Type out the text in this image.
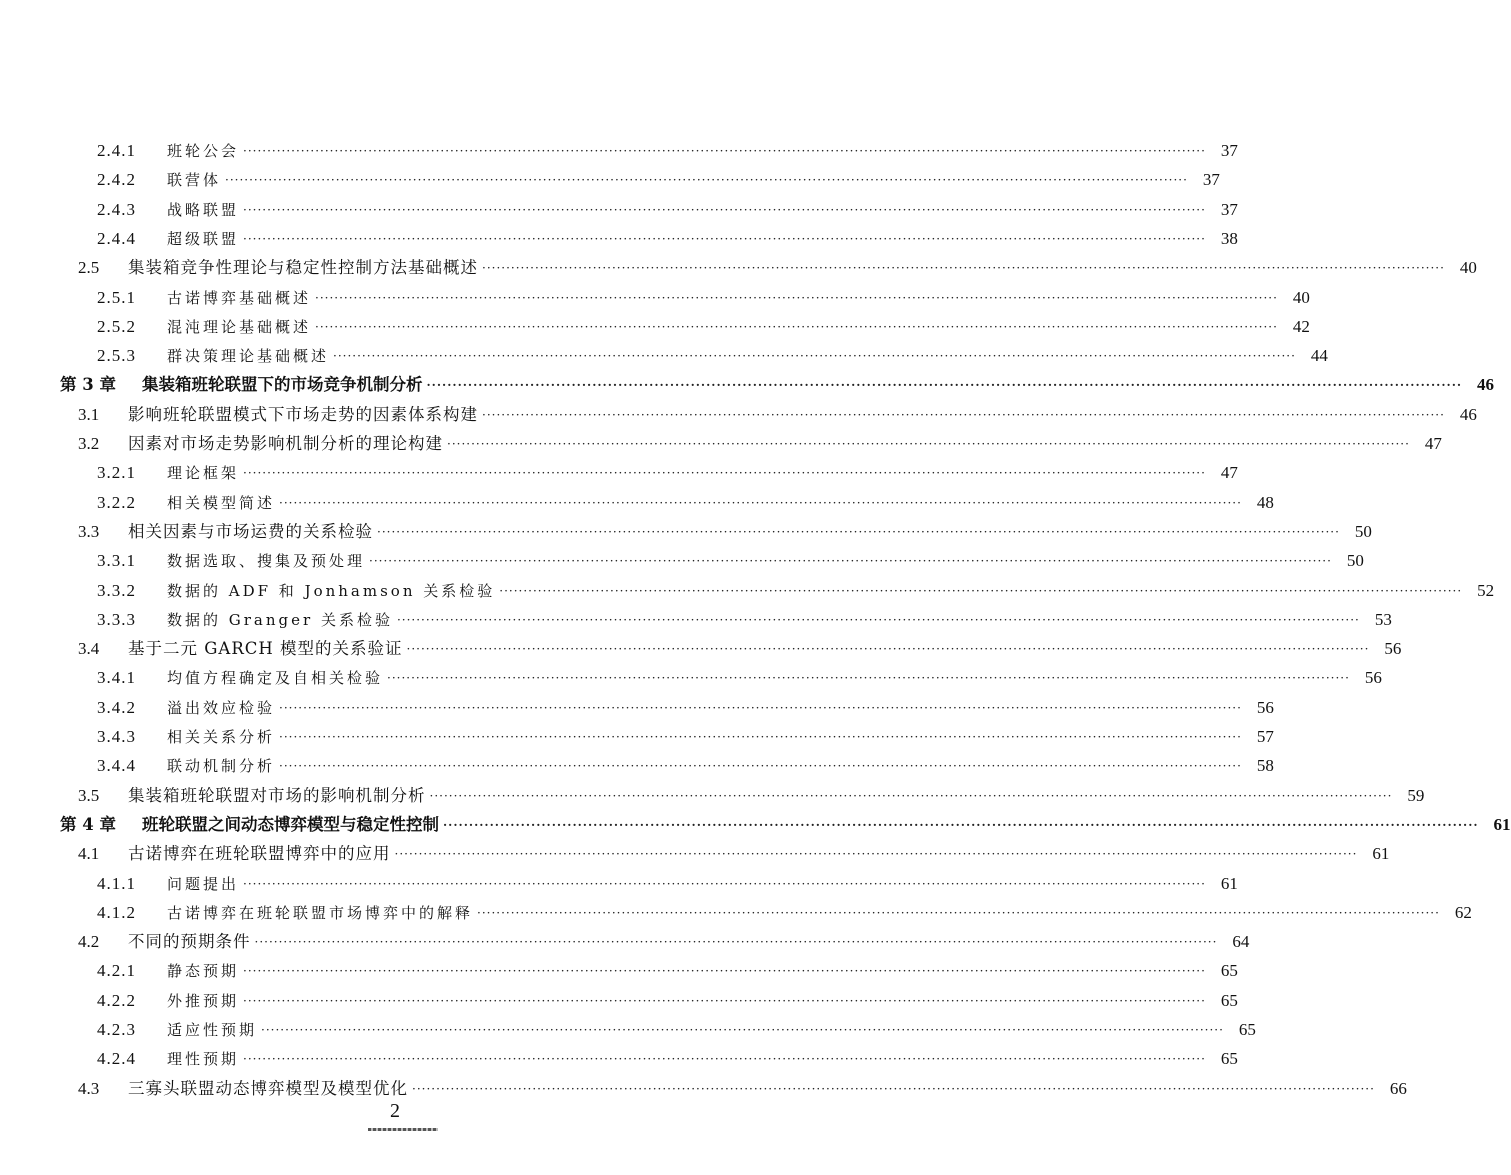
2.4.1	班轮公会 ········································································································································································································ 37
2.4.2	联营体 ········································································································································································································ 37
2.4.3	战略联盟 ········································································································································································································ 37
2.4.4	超级联盟 ········································································································································································································ 38
2.5	集装箱竞争性理论与稳定性控制方法基础概述 ········································································································································································································ 40
2.5.1	古诺博弈基础概述 ········································································································································································································ 40
2.5.2	混沌理论基础概述 ········································································································································································································ 42
2.5.3	群决策理论基础概述 ········································································································································································································ 44
第 3 章	集装箱班轮联盟下的市场竞争机制分析 ········································································································································································································ 46
3.1	影响班轮联盟模式下市场走势的因素体系构建 ········································································································································································································ 46
3.2	因素对市场走势影响机制分析的理论构建 ········································································································································································································ 47
3.2.1	理论框架 ········································································································································································································ 47
3.2.2	相关模型简述 ········································································································································································································ 48
3.3	相关因素与市场运费的关系检验 ········································································································································································································ 50
3.3.1	数据选取、搜集及预处理 ········································································································································································································ 50
3.3.2	数据的 ADF 和 Jonhamson 关系检验 ········································································································································································································ 52
3.3.3	数据的 Granger 关系检验 ········································································································································································································ 53
3.4	基于二元 GARCH 模型的关系验证 ········································································································································································································ 56
3.4.1	均值方程确定及自相关检验 ········································································································································································································ 56
3.4.2	溢出效应检验 ········································································································································································································ 56
3.4.3	相关关系分析 ········································································································································································································ 57
3.4.4	联动机制分析 ········································································································································································································ 58
3.5	集装箱班轮联盟对市场的影响机制分析 ········································································································································································································ 59
第 4 章	班轮联盟之间动态博弈模型与稳定性控制 ········································································································································································································ 61
4.1	古诺博弈在班轮联盟博弈中的应用 ········································································································································································································ 61
4.1.1	问题提出 ········································································································································································································ 61
4.1.2	古诺博弈在班轮联盟市场博弈中的解释 ········································································································································································································ 62
4.2	不同的预期条件 ········································································································································································································ 64
4.2.1	静态预期 ········································································································································································································ 65
4.2.2	外推预期 ········································································································································································································ 65
4.2.3	适应性预期 ········································································································································································································ 65
4.2.4	理性预期 ········································································································································································································ 65
4.3	三寡头联盟动态博弈模型及模型优化 ········································································································································································································ 66
2
